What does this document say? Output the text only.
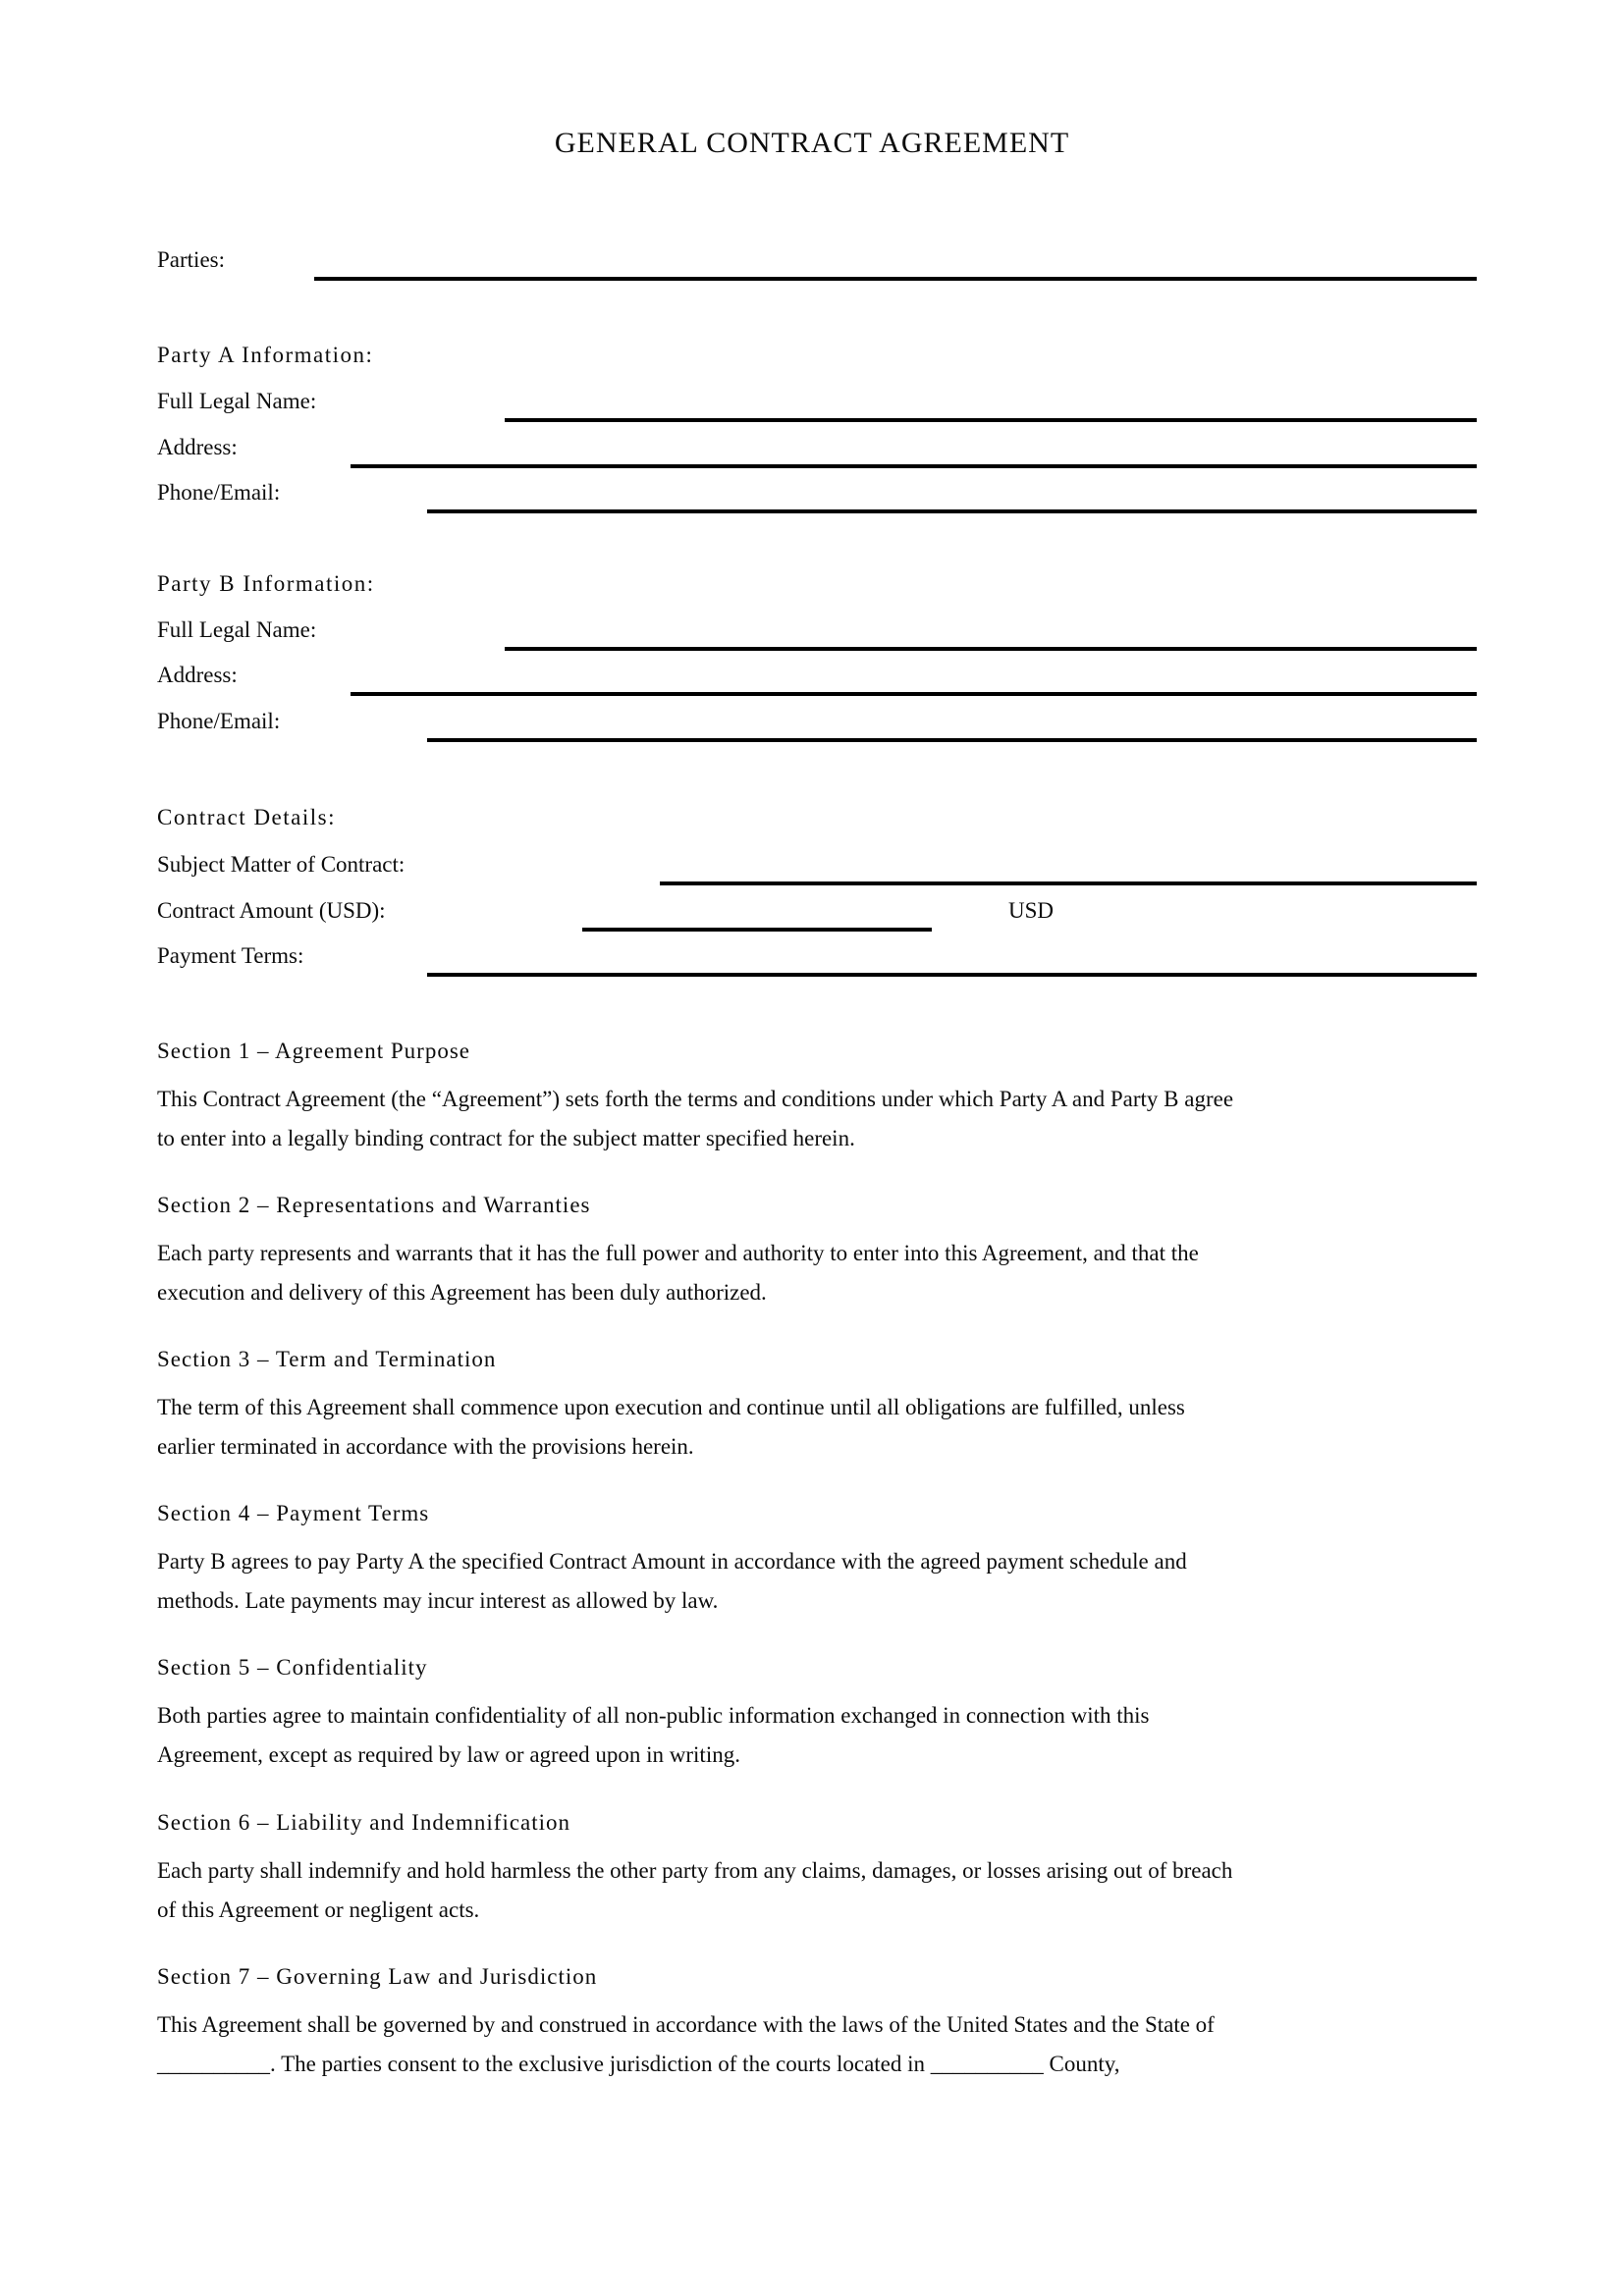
GENERAL CONTRACT AGREEMENT
Parties:
Party A Information:
Full Legal Name:
Address:
Phone/Email:
Party B Information:
Full Legal Name:
Address:
Phone/Email:
Contract Details:
Subject Matter of Contract:
Contract Amount (USD):	USD
Payment Terms:
Section 1 – Agreement Purpose
This Contract Agreement (the “Agreement”) sets forth the terms and conditions under which Party A and Party B agree
to enter into a legally binding contract for the subject matter specified herein.
Section 2 – Representations and Warranties
Each party represents and warrants that it has the full power and authority to enter into this Agreement, and that the
execution and delivery of this Agreement has been duly authorized.
Section 3 – Term and Termination
The term of this Agreement shall commence upon execution and continue until all obligations are fulfilled, unless
earlier terminated in accordance with the provisions herein.
Section 4 – Payment Terms
Party B agrees to pay Party A the specified Contract Amount in accordance with the agreed payment schedule and
methods. Late payments may incur interest as allowed by law.
Section 5 – Confidentiality
Both parties agree to maintain confidentiality of all non-public information exchanged in connection with this
Agreement, except as required by law or agreed upon in writing.
Section 6 – Liability and Indemnification
Each party shall indemnify and hold harmless the other party from any claims, damages, or losses arising out of breach
of this Agreement or negligent acts.
Section 7 – Governing Law and Jurisdiction
This Agreement shall be governed by and construed in accordance with the laws of the United States and the State of
__________. The parties consent to the exclusive jurisdiction of the courts located in __________ County,
